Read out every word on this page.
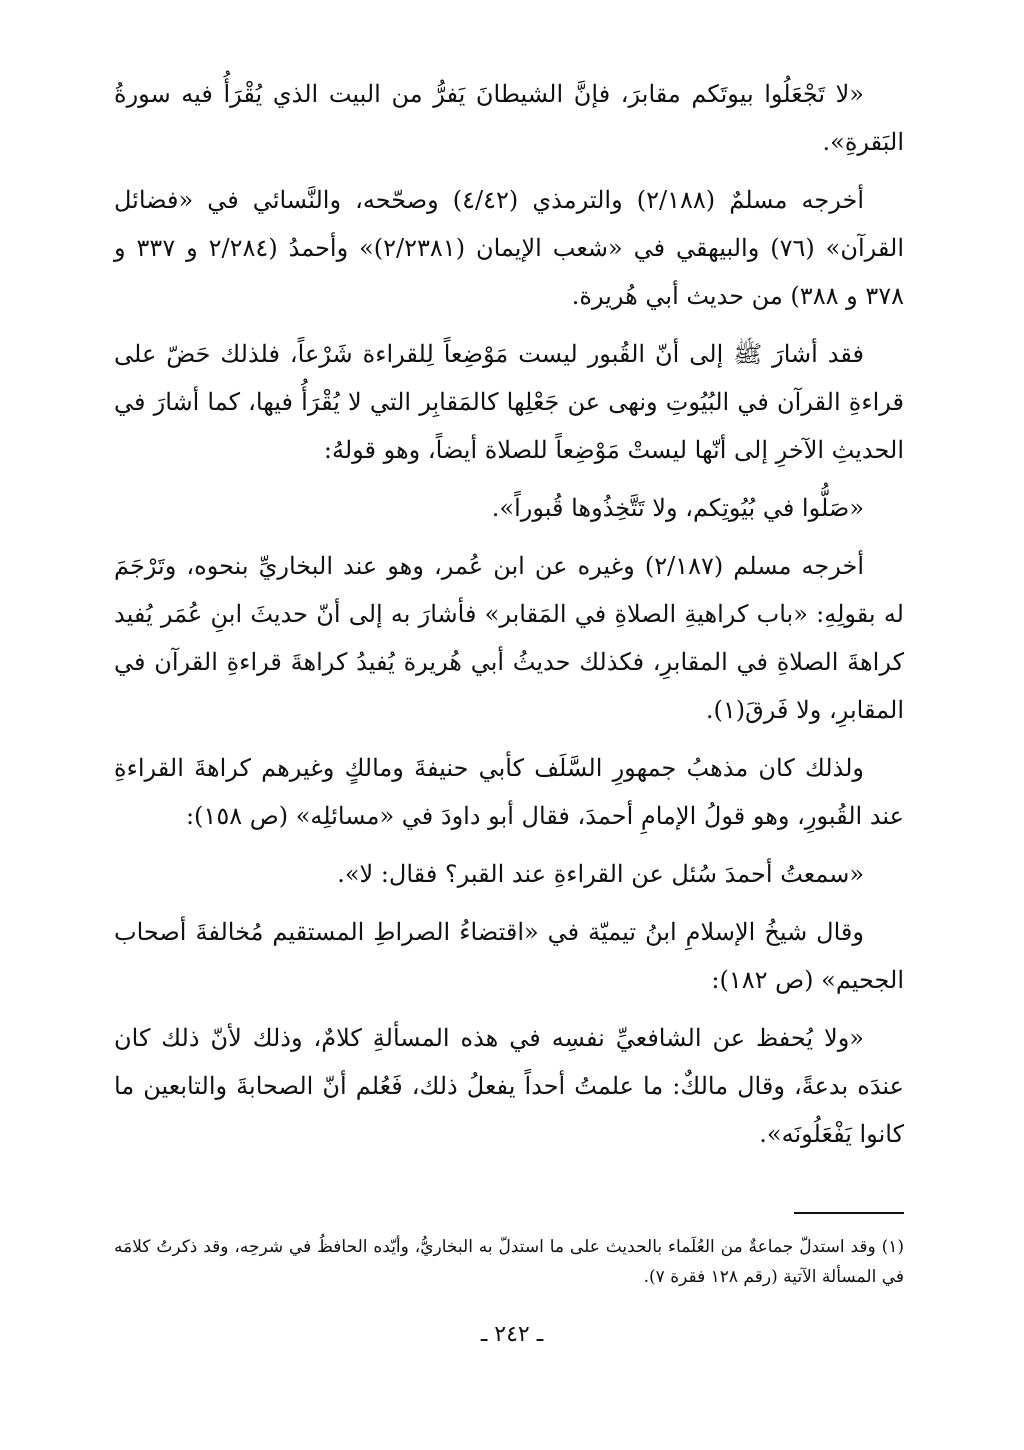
«لا تَجْعَلُوا بيوتَكم مقابرَ، فإنَّ الشيطانَ يَفرُّ من البيت الذي يُقْرَأُ فيه سورةُ البَقرةِ».

أخرجه مسلمٌ (٢/١٨٨) والترمذي (٤/٤٢) وصحّحه، والنَّسائي في «فضائل القرآن» (٧٦) والبيهقي في «شعب الإيمان (٢/٢٣٨١)» وأحمدُ (٢/٢٨٤ و ٣٣٧ و ٣٧٨ و ٣٨٨) من حديث أبي هُريرة.

فقد أشارَ ﷺ إلى أنّ القُبور ليست مَوْضِعاً لِلقراءة شَرْعاً، فلذلك حَضّ على قراءةِ القرآن في البُيُوتِ ونهى عن جَعْلِها كالمَقابِر التي لا يُقْرَأُ فيها، كما أشارَ في الحديثِ الآخرِ إلى أنّها ليستْ مَوْضِعاً للصلاة أيضاً، وهو قولهُ:

«صَلُّوا في بُيُوتِكم، ولا تَتَّخِذُوها قُبوراً».

أخرجه مسلم (٢/١٨٧) وغيره عن ابن عُمر، وهو عند البخاريِّ بنحوه، وتَرْجَمَ له بقولِهِ: «باب كراهيةِ الصلاةِ في المَقابر» فأشارَ به إلى أنّ حديثَ ابنِ عُمَر يُفيد كراهةَ الصلاةِ في المقابرِ، فكذلك حديثُ أبي هُريرة يُفيدُ كراهةَ قراءةِ القرآن في المقابرِ، ولا فَرقَ(١).

ولذلك كان مذهبُ جمهورِ السَّلَف كأبي حنيفةَ ومالكٍ وغيرهم كراهةَ القراءةِ عند القُبورِ، وهو قولُ الإمامِ أحمدَ، فقال أبو داودَ في «مسائلِه» (ص ١٥٨):

«سمعتُ أحمدَ سُئل عن القراءةِ عند القبر؟ فقال: لا».

وقال شيخُ الإسلامِ ابنُ تيميّة في «اقتضاءُ الصراطِ المستقيم مُخالفةَ أصحاب الجحيم» (ص ١٨٢):

«ولا يُحفظ عن الشافعيِّ نفسِه في هذه المسألةِ كلامٌ، وذلك لأنّ ذلك كان عندَه بدعةً، وقال مالكٌ: ما علمتُ أحداً يفعلُ ذلك، فَعُلم أنّ الصحابةَ والتابعين ما كانوا يَفْعَلُونَه».

(١) وقد استدلّ جماعةٌ من العُلَماء بالحديث على ما استدلّ به البخاريُّ، وأيّده الحافظُ في شرحِه، وقد ذكرتُ كلامَه في المسألة الآتية (رقم ١٢٨ فقرة ٧).
ـ ٢٤٢ ـ
